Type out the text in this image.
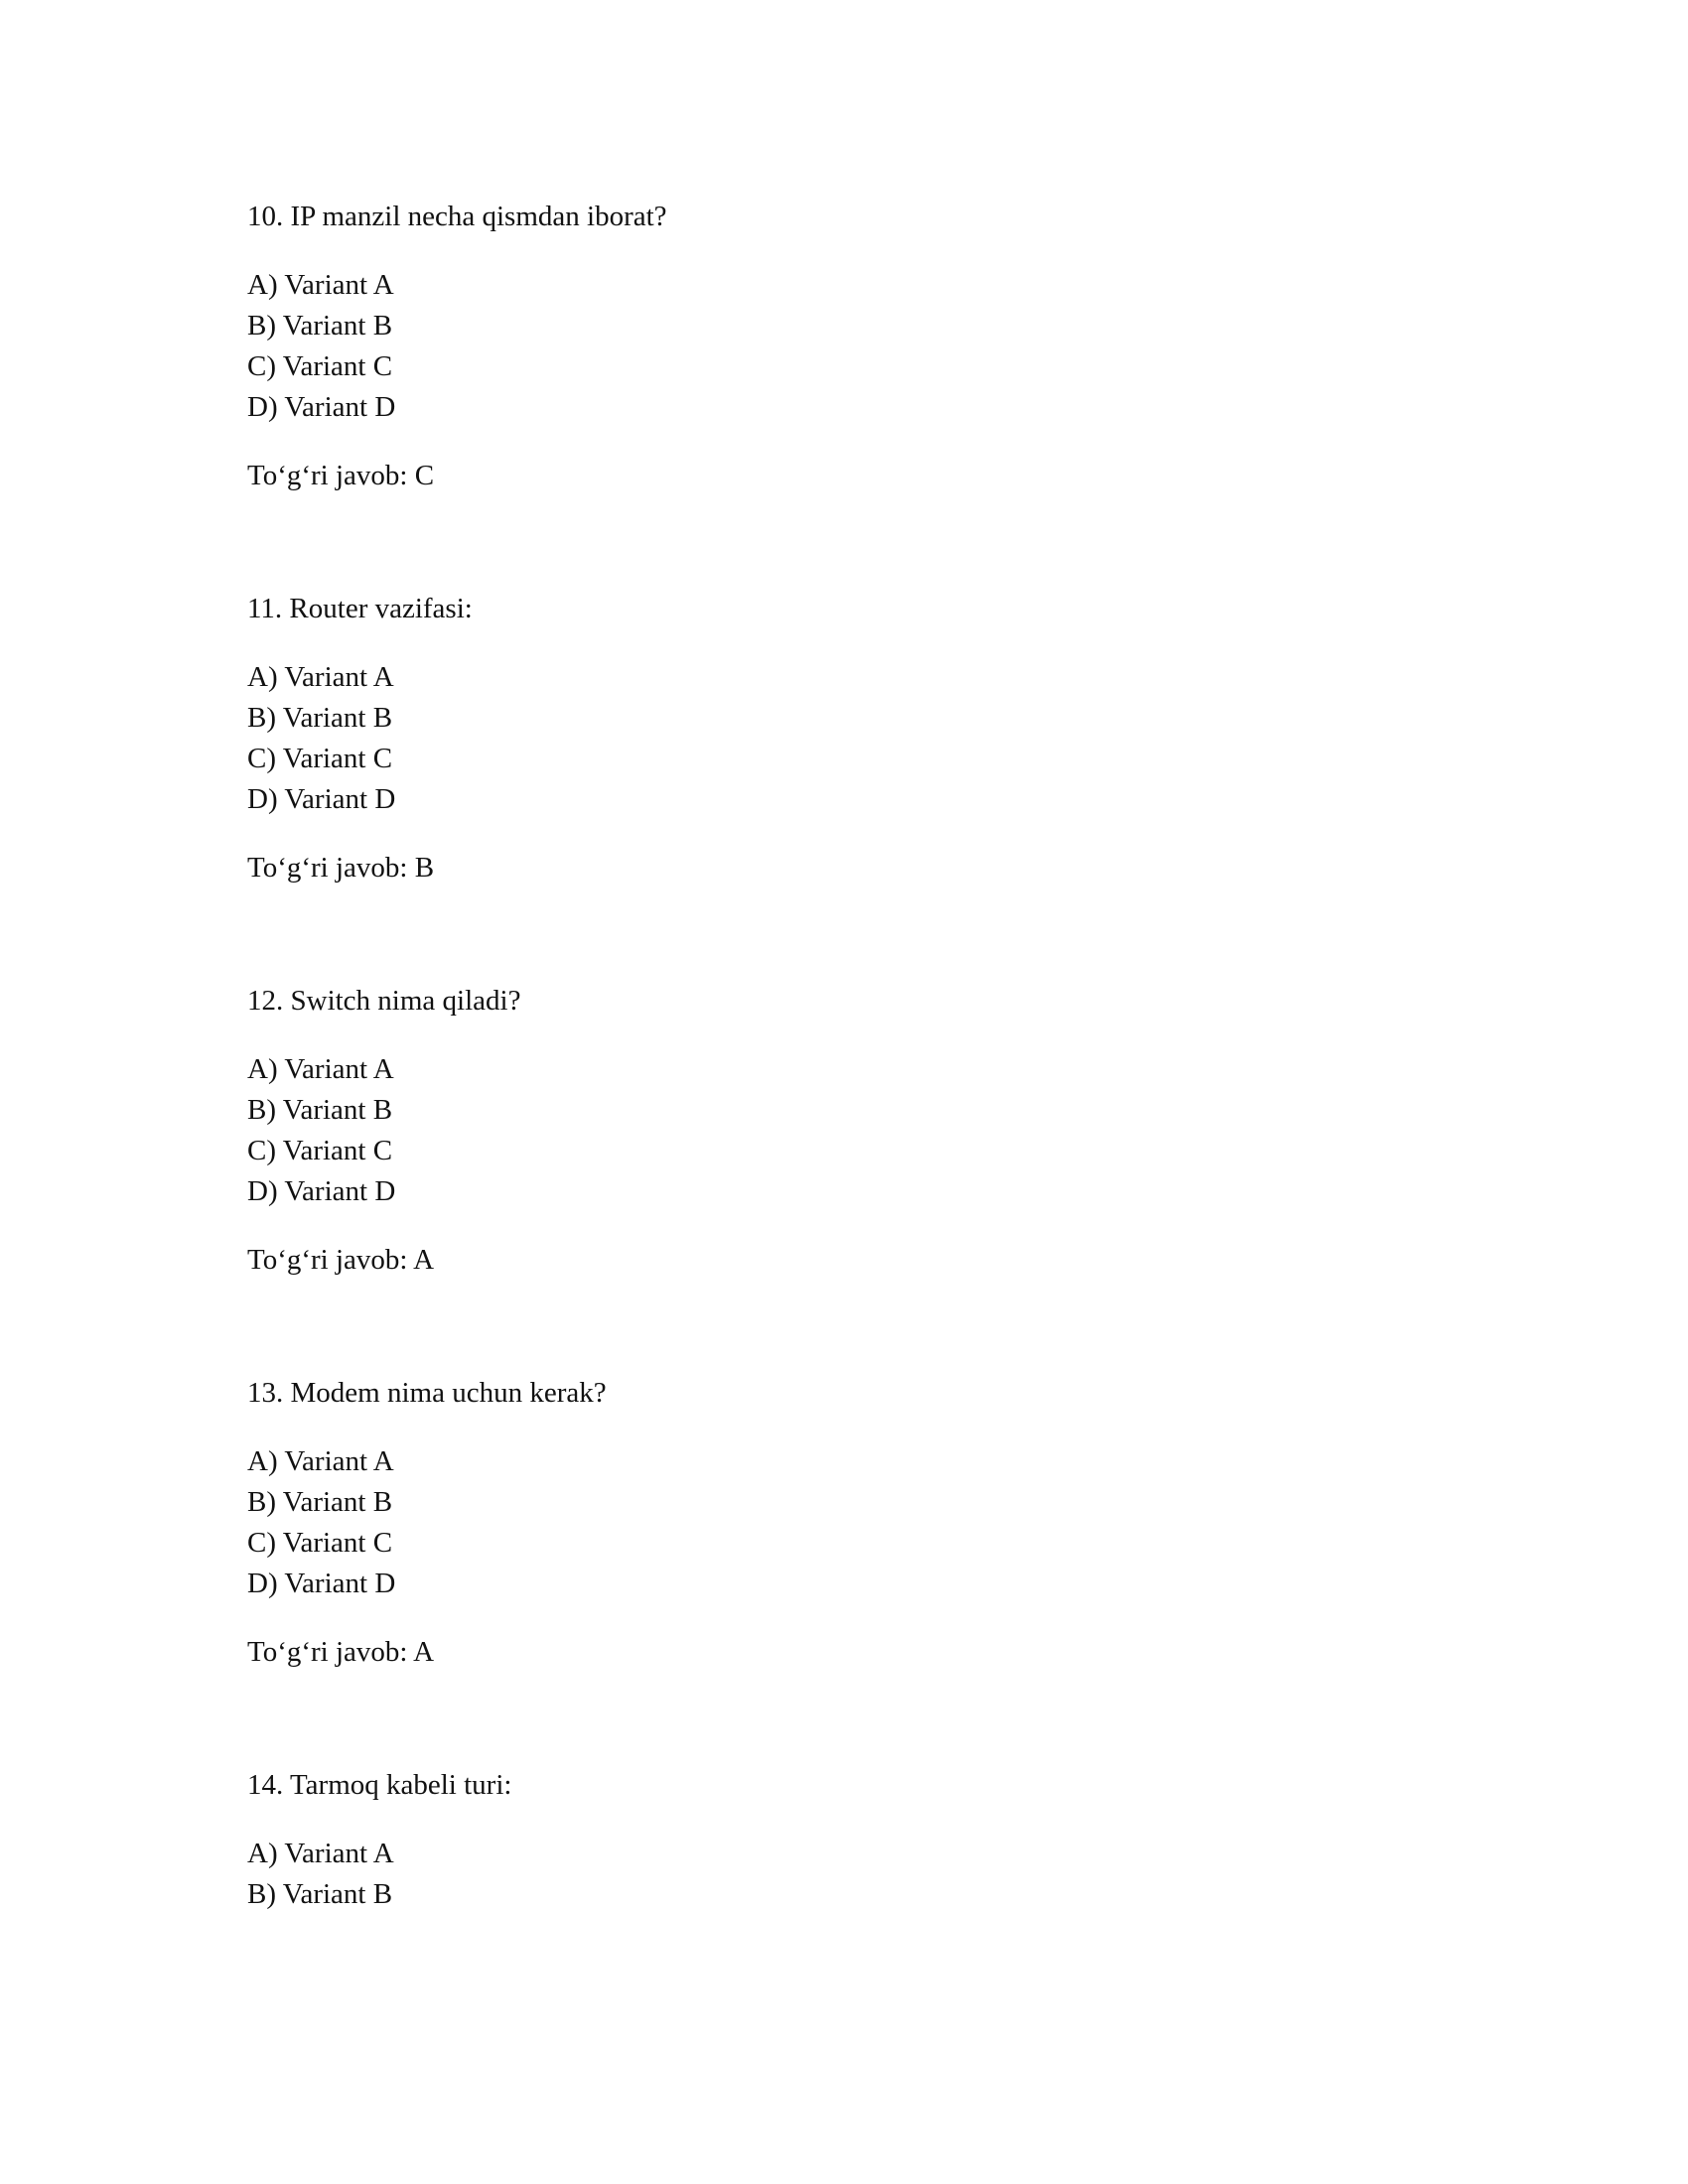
10. IP manzil necha qismdan iborat?

A) Variant A
B) Variant B
C) Variant C
D) Variant D

To‘g‘ri javob: C

11. Router vazifasi:

A) Variant A
B) Variant B
C) Variant C
D) Variant D

To‘g‘ri javob: B

12. Switch nima qiladi?

A) Variant A
B) Variant B
C) Variant C
D) Variant D

To‘g‘ri javob: A

13. Modem nima uchun kerak?

A) Variant A
B) Variant B
C) Variant C
D) Variant D

To‘g‘ri javob: A

14. Tarmoq kabeli turi:

A) Variant A
B) Variant B
